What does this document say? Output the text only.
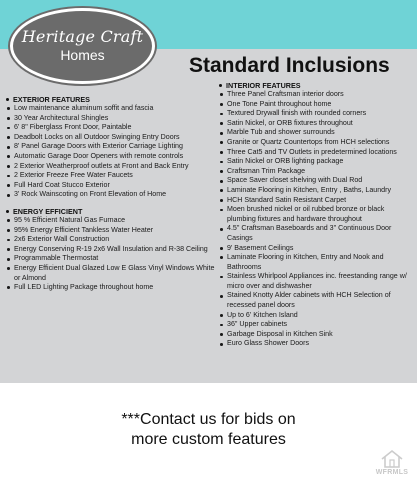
Heritage Craft
Homes	Standard Inclusions
EXTERIOR FEATURES
Low maintenance aluminum soffit and fascia
30 Year Architectural Shingles
6' 8" Fiberglass Front Door, Paintable
Deadbolt Locks on all Outdoor Swinging Entry Doors
8' Panel Garage Doors with Exterior Carriage Lighting
Automatic Garage Door Openers with remote controls
2 Exterior Weatherproof outlets at Front and Back Entry
2 Exterior Freeze Free Water Faucets
Full Hard Coat Stucco Exterior
3' Rock Wainscoting on Front Elevation of Home
ENERGY EFFICIENT
95 % Efficient Natural Gas Furnace
95% Energy Efficient Tankless Water Heater
2x6 Exterior Wall Construction
Energy Conserving R-19 2x6 Wall Insulation and R-38 Ceiling
Programmable Thermostat
Energy Efficient Dual Glazed Low E Glass Vinyl Windows White or Almond
Full LED Lighting Package throughout home
INTERIOR FEATURES
Three Panel Craftsman interior doors
One Tone Paint throughout home
Textured Drywall finish with rounded corners
Satin Nickel, or ORB fixtures throughout
Marble Tub and shower surrounds
Granite or Quartz Countertops from HCH selections
Three Cat5 and TV Outlets in predetermined locations
Satin Nickel or ORB lighting package
Craftsman Trim Package
Space Saver closet shelving with Dual Rod
Laminate Flooring in Kitchen, Entry , Baths, Laundry
HCH Standard Satin Resistant Carpet
Moen brushed nickel or oil rubbed bronze or black plumbing fixtures and hardware throughout
4.5" Craftsman Baseboards and 3" Continuous Door Casings
9' Basement Ceilings
Laminate Flooring in Kitchen, Entry and Nook and Bathrooms
Stainless Whirlpool Appliances inc. freestanding range w/ micro over and dishwasher
Stained Knotty Alder cabinets with HCH Selection of recessed panel doors
Up to 6' Kitchen Island
36" Upper cabinets
Garbage Disposal in Kitchen Sink
Euro Glass Shower Doors
***Contact us for bids on
more custom features
WFRMLS
